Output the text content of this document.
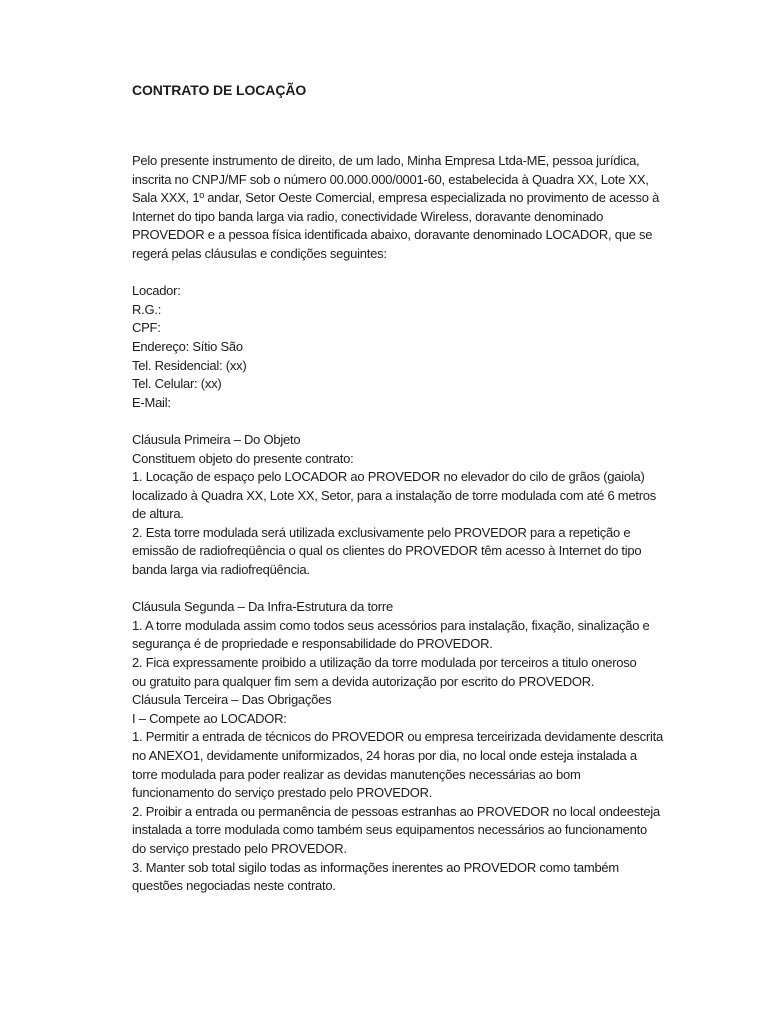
CONTRATO DE LOCAÇÃO
Pelo presente instrumento de direito, de um lado, Minha Empresa Ltda-ME, pessoa jurídica,
inscrita no CNPJ/MF sob o número 00.000.000/0001-60, estabelecida à Quadra XX, Lote XX,
Sala XXX, 1º andar, Setor Oeste Comercial, empresa especializada no provimento de acesso à
Internet do tipo banda larga via radio, conectividade Wireless, doravante denominado
PROVEDOR e a pessoa física identificada abaixo, doravante denominado LOCADOR, que se
regerá pelas cláusulas e condições seguintes:
Locador:
R.G.:
CPF:
Endereço: Sítio São
Tel. Residencial: (xx)
Tel. Celular: (xx)
E-Mail:
Cláusula Primeira – Do Objeto
Constituem objeto do presente contrato:
1. Locação de espaço pelo LOCADOR ao PROVEDOR no elevador do cilo de grãos (gaiola)
localizado à Quadra XX, Lote XX, Setor, para a instalação de torre modulada com até 6 metros
de altura.
2. Esta torre modulada será utilizada exclusivamente pelo PROVEDOR para a repetição e
emissão de radiofreqüência o qual os clientes do PROVEDOR têm acesso à Internet do tipo
banda larga via radiofreqüência.
Cláusula Segunda – Da Infra-Estrutura da torre
1. A torre modulada assim como todos seus acessórios para instalação, fixação, sinalização e
segurança é de propriedade e responsabilidade do PROVEDOR.
2. Fica expressamente proibido a utilização da torre modulada por terceiros a titulo oneroso
ou gratuito para qualquer fim sem a devida autorização por escrito do PROVEDOR.
Cláusula Terceira – Das Obrigações
I – Compete ao LOCADOR:
1. Permitir a entrada de técnicos do PROVEDOR ou empresa terceirizada devidamente descrita
no ANEXO1, devidamente uniformizados, 24 horas por dia, no local onde esteja instalada a
torre modulada para poder realizar as devidas manutenções necessárias ao bom
funcionamento do serviço prestado pelo PROVEDOR.
2. Proibir a entrada ou permanência de pessoas estranhas ao PROVEDOR no local ondeesteja
instalada a torre modulada como também seus equipamentos necessários ao funcionamento
do serviço prestado pelo PROVEDOR.
3. Manter sob total sigilo todas as informações inerentes ao PROVEDOR como também
questões negociadas neste contrato.
